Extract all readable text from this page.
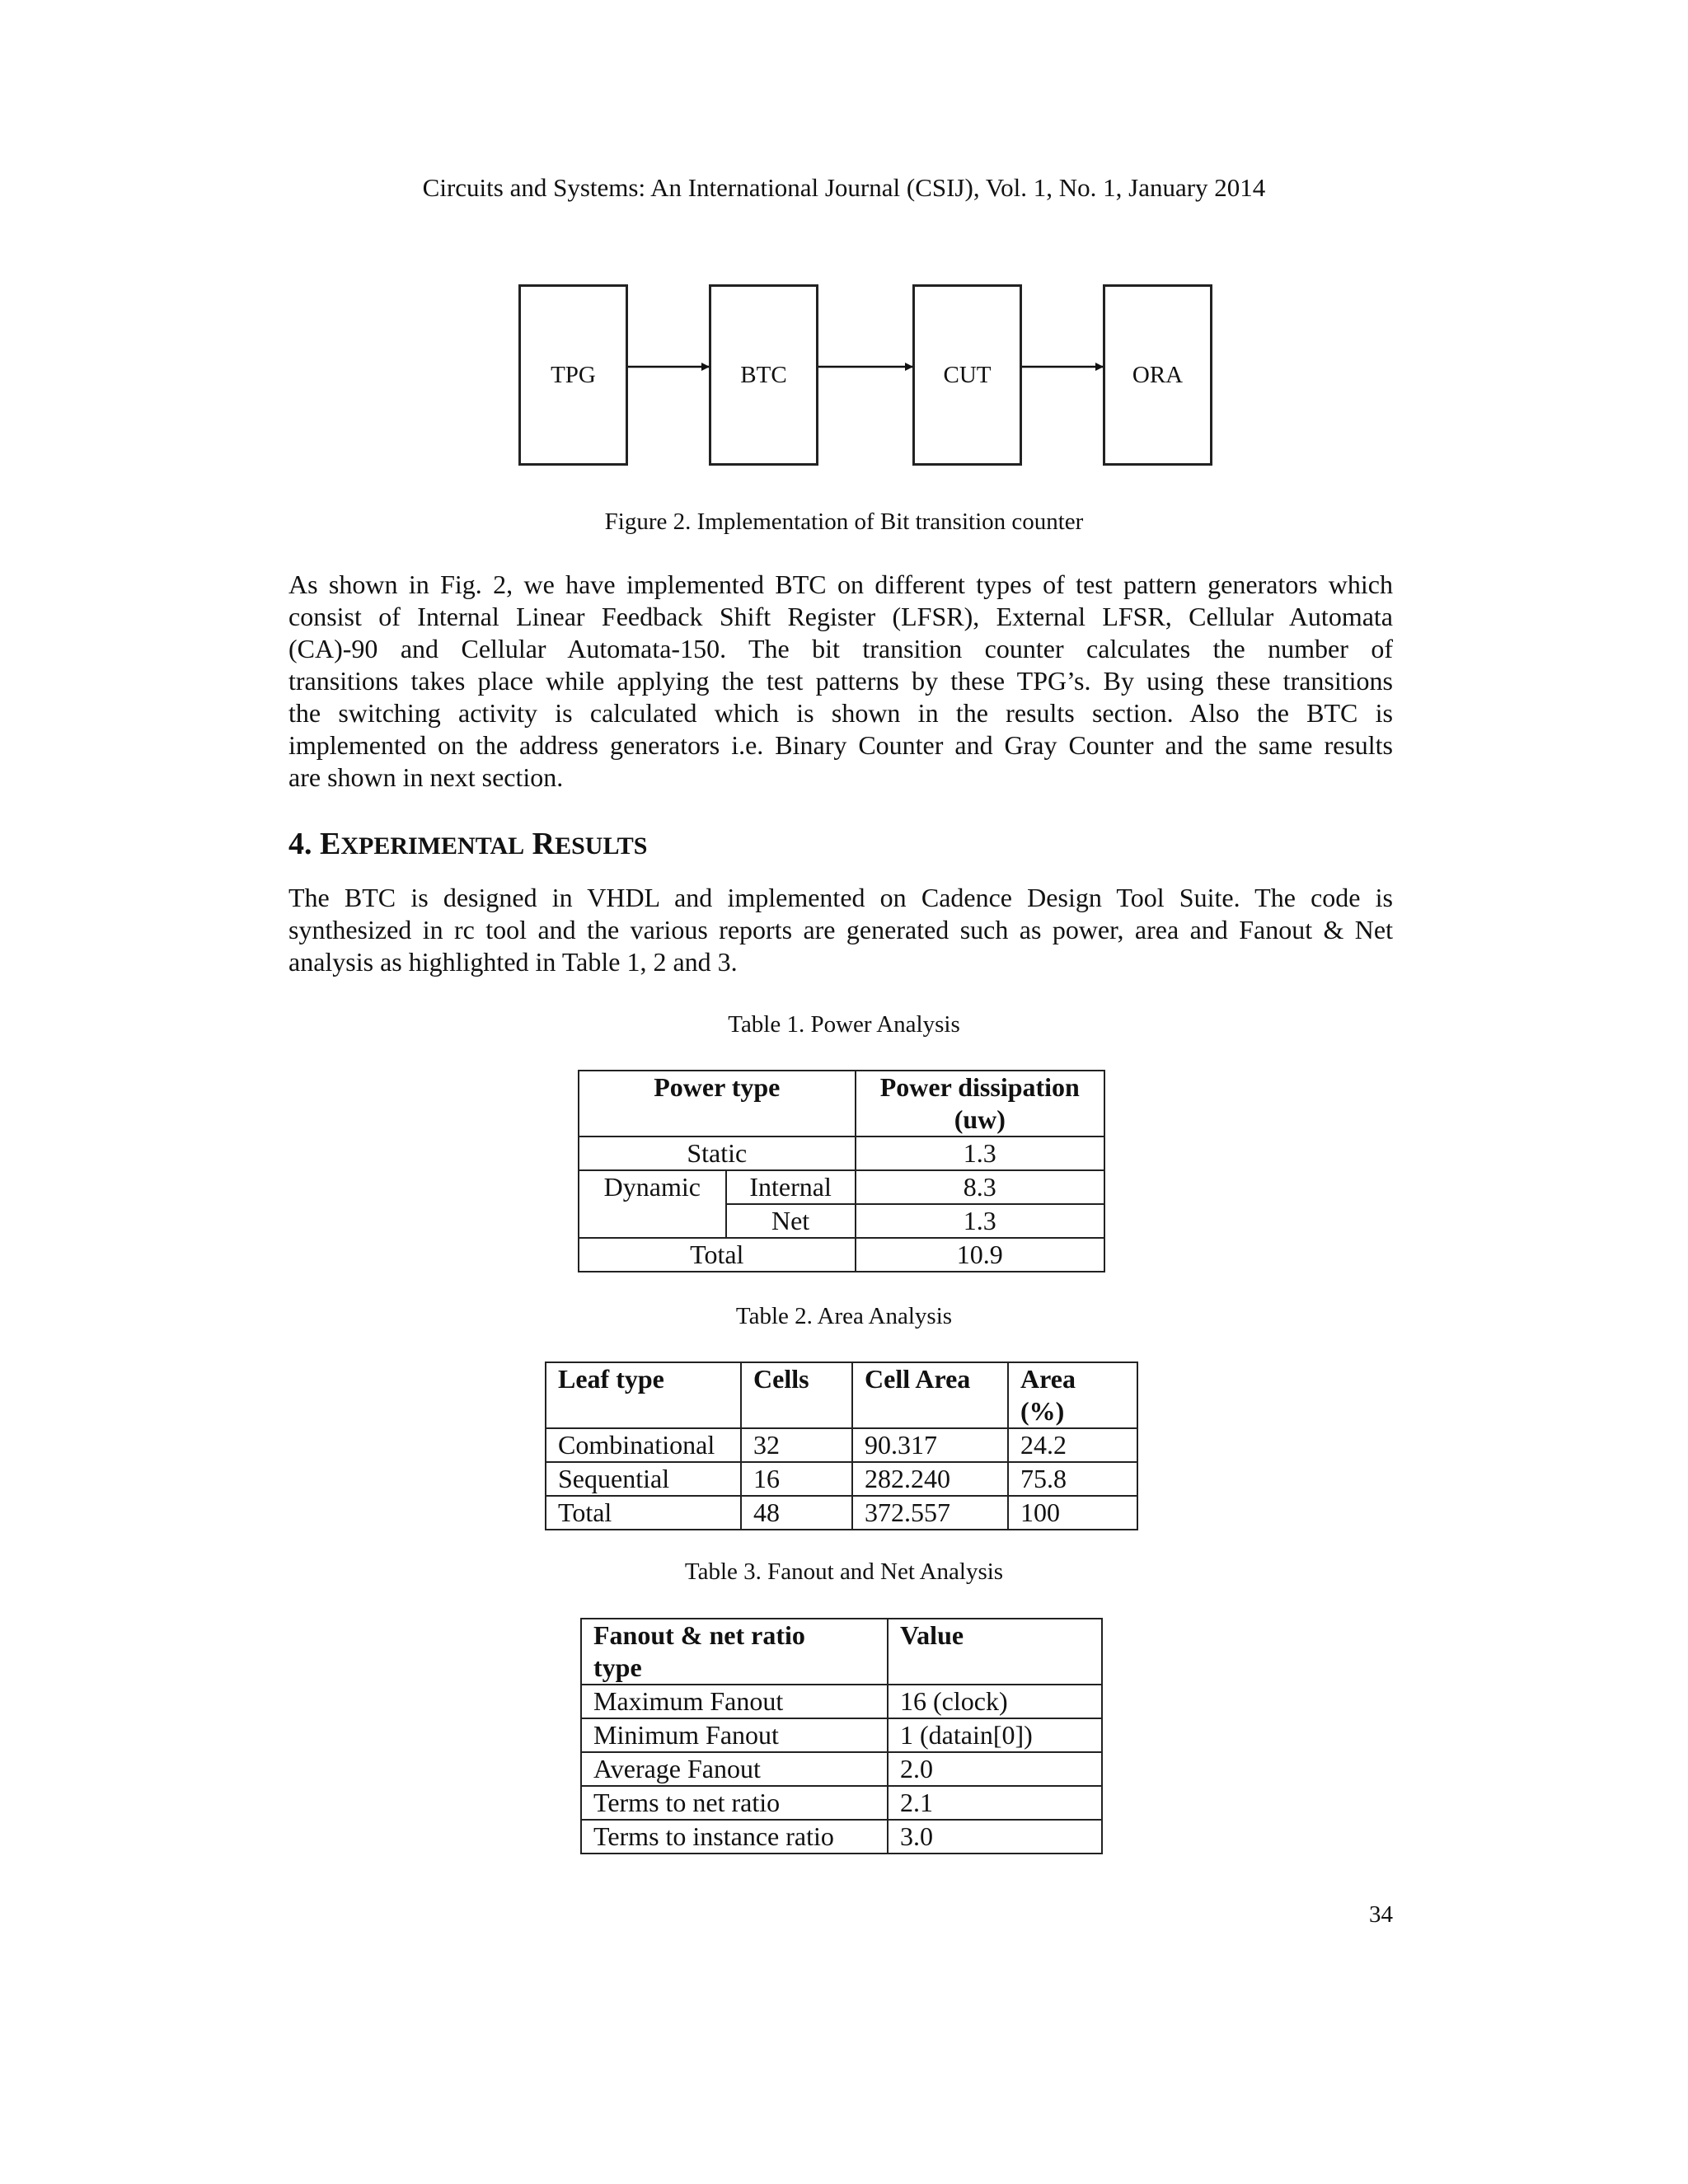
Circuits and Systems: An International Journal (CSIJ), Vol. 1, No. 1, January 2014
TPG	BTC	CUT	ORA
Figure 2. Implementation of Bit transition counter
As shown in Fig. 2, we have implemented BTC on different types of test pattern generators which
consist of Internal Linear Feedback Shift Register (LFSR), External LFSR, Cellular Automata
(CA)-90 and Cellular Automata-150. The bit transition counter calculates the number of
transitions takes place while applying the test patterns by these TPG’s. By using these transitions
the switching activity is calculated which is shown in the results section. Also the BTC is
implemented on the address generators i.e. Binary Counter and Gray Counter and the same results
are shown in next section.
4. EXPERIMENTAL RESULTS
The BTC is designed in VHDL and implemented on Cadence Design Tool Suite. The code is
synthesized in rc tool and the various reports are generated such as power, area and Fanout & Net
analysis as highlighted in Table 1, 2 and 3.
Table 1. Power Analysis
Power type		Power dissipation
(uw)

Static		1.3
Dynamic	Internal	8.3
	Net	1.3
Total		10.9
Table 2. Area Analysis
Leaf type	Cells	Cell Area	Area
(%)

Combinational	32	90.317	24.2
Sequential	16	282.240	75.8
Total	48	372.557	100
Table 3. Fanout and Net Analysis
Fanout & net ratio
type	Value
Maximum Fanout	16 (clock)
Minimum Fanout	1 (datain[0])
Average Fanout	2.0
Terms to net ratio	2.1
Terms to instance ratio	3.0
34
